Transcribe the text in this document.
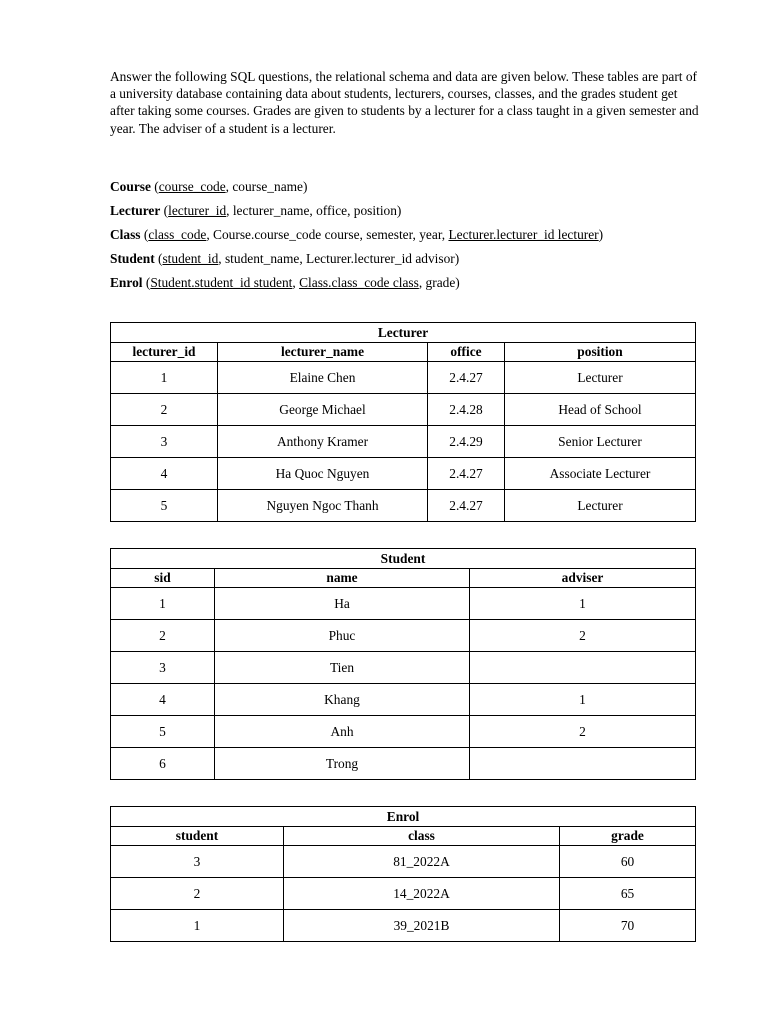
Answer the following SQL questions, the relational schema and data are given below. These tables are part of a university database containing data about students, lecturers, courses, classes, and the grades student get after taking some courses. Grades are given to students by a lecturer for a class taught in a given semester and year. The adviser of a student is a lecturer.
Course (course_code, course_name)
Lecturer (lecturer_id, lecturer_name, office, position)
Class (class_code, Course.course_code course, semester, year, Lecturer.lecturer_id lecturer)
Student (student_id, student_name, Lecturer.lecturer_id advisor)
Enrol (Student.student_id student, Class.class_code class, grade)
Lecturer			
lecturer_id	lecturer_name	office	position
1	Elaine Chen	2.4.27	Lecturer
2	George Michael	2.4.28	Head of School
3	Anthony Kramer	2.4.29	Senior Lecturer
4	Ha Quoc Nguyen	2.4.27	Associate Lecturer
5	Nguyen Ngoc Thanh	2.4.27	Lecturer
Student		
sid	name	adviser
1	Ha	1
2	Phuc	2
3	Tien	
4	Khang	1
5	Anh	2
6	Trong	
Enrol		
student	class	grade
3	81_2022A	60
2	14_2022A	65
1	39_2021B	70
